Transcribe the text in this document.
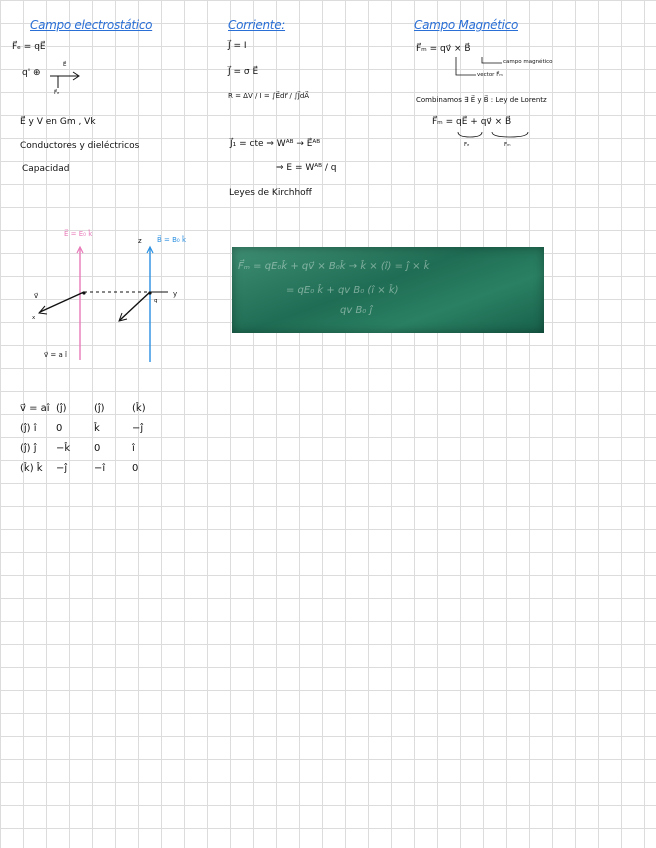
Campo electrostático
F⃗ₑ = qE⃗
q' ⊕
E⃗
F⃗ₑ
E⃗ y V en Gm , Vk
Conductores y dieléctricos
Capacidad
Corriente:
J⃗ = I
J⃗ = σ E⃗
R = ΔV / I = ∫E⃗dr⃗ / ∫J⃗dA⃗
J⃗₁ = cte ⇒ Wᴬᴮ → E⃗ᴬᴮ
⇒ E = Wᴬᴮ / q
Leyes de Kirchhoff
Campo Magnético
F⃗ₘ = qv⃗ × B⃗
campo magnético
vector F⃗ₘ
Combinamos ∃ E⃗ y B⃗ : Ley de Lorentz
F⃗ₘ = qE⃗ + qv⃗ × B⃗
Fₑ	Fₘ
E⃗ = E₀ k̂
B⃗ = B₀ k̂
z
y
v⃗
q
x
v⃗ = a î
F⃗ₘ = qE₀k̂ + qv⃗ × B₀k̂ → k̂ × (î) = ĵ × k̂
= qE₀ k̂ + qv B₀ (î × k̂)
qv B₀ ĵ
v⃗ = aî	(ĵ)	(ĵ)	(k̂)
(ĵ) î	0	k̂	−ĵ
(ĵ) ĵ	−k̂	0	î
(k̂) k̂	−ĵ	−î	0
